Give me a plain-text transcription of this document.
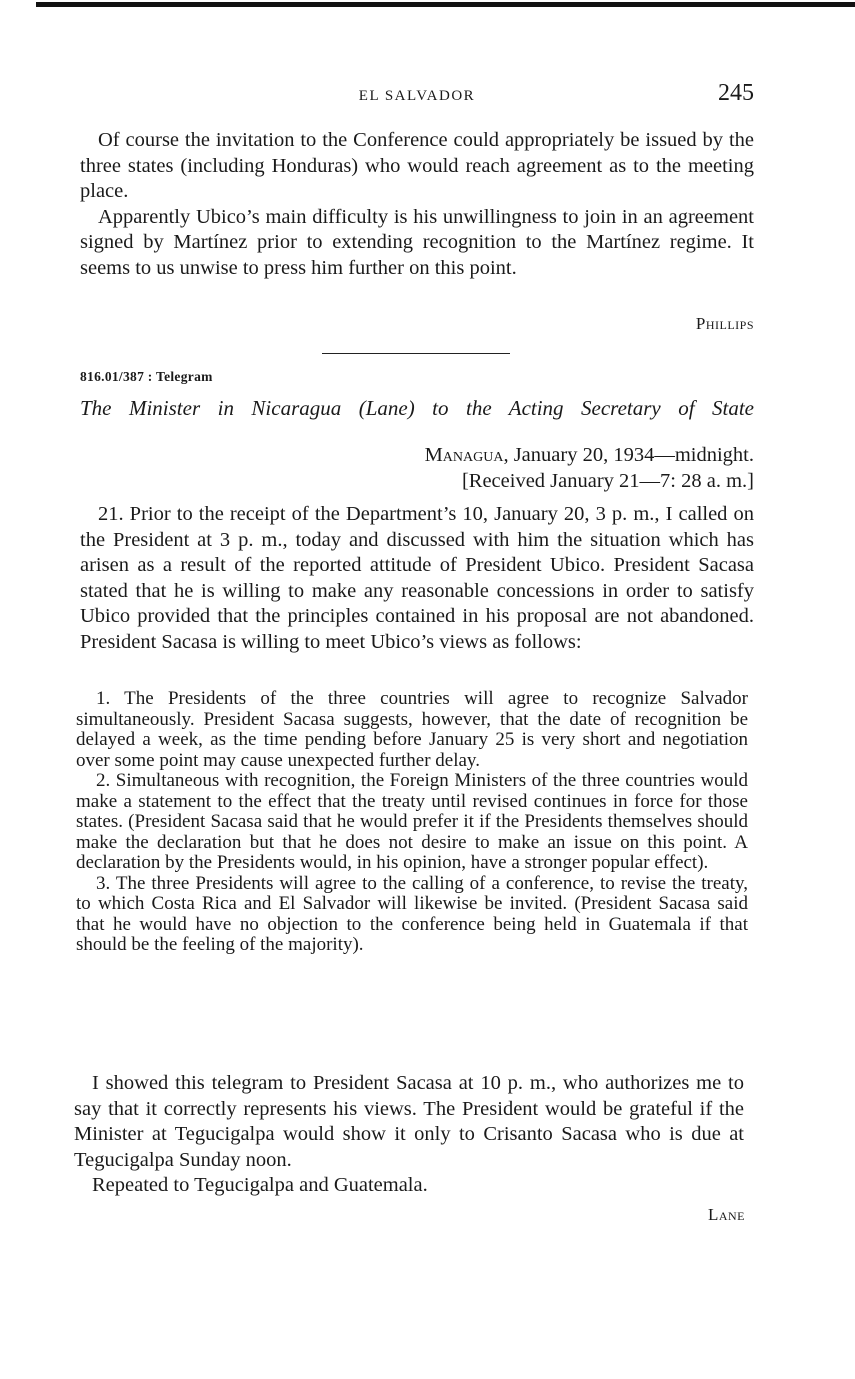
EL SALVADOR	245

Of course the invitation to the Conference could appropriately be issued by the three states (including Honduras) who would reach agreement as to the meeting place.

Apparently Ubico’s main difficulty is his unwillingness to join in an agreement signed by Martínez prior to extending recognition to the Martínez regime. It seems to us unwise to press him further on this point.

Phillips
816.01/387 : Telegram
The Minister in Nicaragua (Lane) to the Acting Secretary of State
Managua, January 20, 1934—midnight.
[Received January 21—7: 28 a. m.]

21. Prior to the receipt of the Department’s 10, January 20, 3 p. m., I called on the President at 3 p. m., today and discussed with him the situation which has arisen as a result of the reported attitude of President Ubico. President Sacasa stated that he is willing to make any reasonable concessions in order to satisfy Ubico provided that the principles contained in his proposal are not abandoned. President Sacasa is willing to meet Ubico’s views as follows:

1. The Presidents of the three countries will agree to recognize Salvador simultaneously. President Sacasa suggests, however, that the date of recognition be delayed a week, as the time pending before January 25 is very short and negotiation over some point may cause unexpected further delay.

2. Simultaneous with recognition, the Foreign Ministers of the three countries would make a statement to the effect that the treaty until revised continues in force for those states. (President Sacasa said that he would prefer it if the Presidents themselves should make the declaration but that he does not desire to make an issue on this point. A declaration by the Presidents would, in his opinion, have a stronger popular effect).

3. The three Presidents will agree to the calling of a conference, to revise the treaty, to which Costa Rica and El Salvador will likewise be invited. (President Sacasa said that he would have no objection to the conference being held in Guatemala if that should be the feeling of the majority).

I showed this telegram to President Sacasa at 10 p. m., who authorizes me to say that it correctly represents his views. The President would be grateful if the Minister at Tegucigalpa would show it only to Crisanto Sacasa who is due at Tegucigalpa Sunday noon.

Repeated to Tegucigalpa and Guatemala.

Lane
